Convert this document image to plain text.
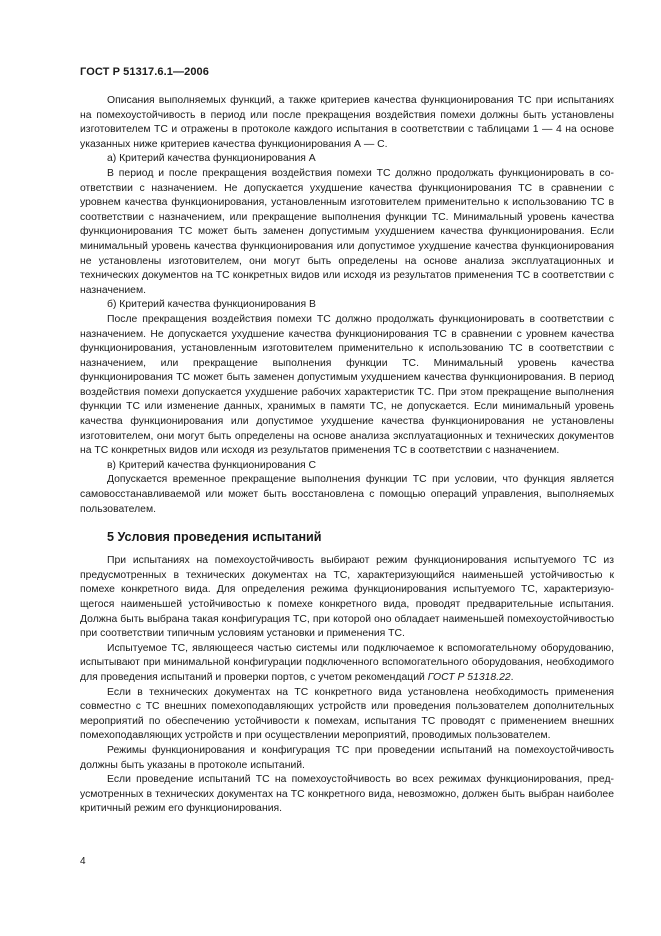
ГОСТ Р 51317.6.1—2006

Описания выполняемых функций, а также критериев качества функционирования ТС при испытаниях на помехоустойчивость в период или после прекращения воздействия помехи должны быть установлены изготовителем ТС и отражены в протоколе каждого испытания в соответствии с таблицами 1 — 4 на основе указанных ниже критериев качества функционирования А — С.

а) Критерий качества функционирования А

В период и после прекращения воздействия помехи ТС должно продолжать функционировать в соответствии с назначением. Не допускается ухудшение качества функционирования ТС в сравнении с уровнем качества функционирования, установленным изготовителем применительно к использованию ТС в соответствии с назначением, или прекращение выполнения функции ТС. Минимальный уровень качества функционирования ТС может быть заменен допустимым ухудшением качества функционирования. Если минимальный уровень качества функционирования или допустимое ухудшение качества функционирования не установлены изготовителем, они могут быть определены на основе анализа эксплуатационных и технических документов на ТС конкретных видов или исходя из результатов применения ТС в соответствии с назначением.

б) Критерий качества функционирования В

После прекращения воздействия помехи ТС должно продолжать функционировать в соответствии с назначением. Не допускается ухудшение качества функционирования ТС в сравнении с уровнем качества функционирования, установленным изготовителем применительно к использованию ТС в соответствии с назначением, или прекращение выполнения функции ТС. Минимальный уровень качества функционирования ТС может быть заменен допустимым ухудшением качества функционирования. В период воздействия помехи допускается ухудшение рабочих характеристик ТС. При этом прекращение выполнения функции ТС или изменение данных, хранимых в памяти ТС, не допускается. Если минимальный уровень качества функционирования или допустимое ухудшение качества функционирования не установлены изготовителем, они могут быть определены на основе анализа эксплуатационных и технических документов на ТС конкретных видов или исходя из результатов применения ТС в соответствии с назначением.

в) Критерий качества функционирования С

Допускается временное прекращение выполнения функции ТС при условии, что функция является самовосстанавливаемой или может быть восстановлена с помощью операций управления, выполняемых пользователем.

5 Условия проведения испытаний

При испытаниях на помехоустойчивость выбирают режим функционирования испытуемого ТС из предусмотренных в технических документах на ТС, характеризующийся наименьшей устойчивостью к помехе конкретного вида. Для определения режима функционирования испытуемого ТС, характеризующегося наименьшей устойчивостью к помехе конкретного вида, проводят предварительные испытания. Должна быть выбрана такая конфигурация ТС, при которой оно обладает наименьшей помехоустойчивостью при соответствии типичным условиям установки и применения ТС.

Испытуемое ТС, являющееся частью системы или подключаемое к вспомогательному оборудованию, испытывают при минимальной конфигурации подключенного вспомогательного оборудования, необходимого для проведения испытаний и проверки портов, с учетом рекомендаций ГОСТ Р 51318.22.

Если в технических документах на ТС конкретного вида установлена необходимость применения совместно с ТС внешних помехоподавляющих устройств или проведения пользователем дополнительных мероприятий по обеспечению устойчивости к помехам, испытания ТС проводят с применением внешних помехоподавляющих устройств и при осуществлении мероприятий, проводимых пользователем.

Режимы функционирования и конфигурация ТС при проведении испытаний на помехоустойчивость должны быть указаны в протоколе испытаний.

Если проведение испытаний ТС на помехоустойчивость во всех режимах функционирования, предусмотренных в технических документах на ТС конкретного вида, невозможно, должен быть выбран наиболее критичный режим его функционирования.

4
